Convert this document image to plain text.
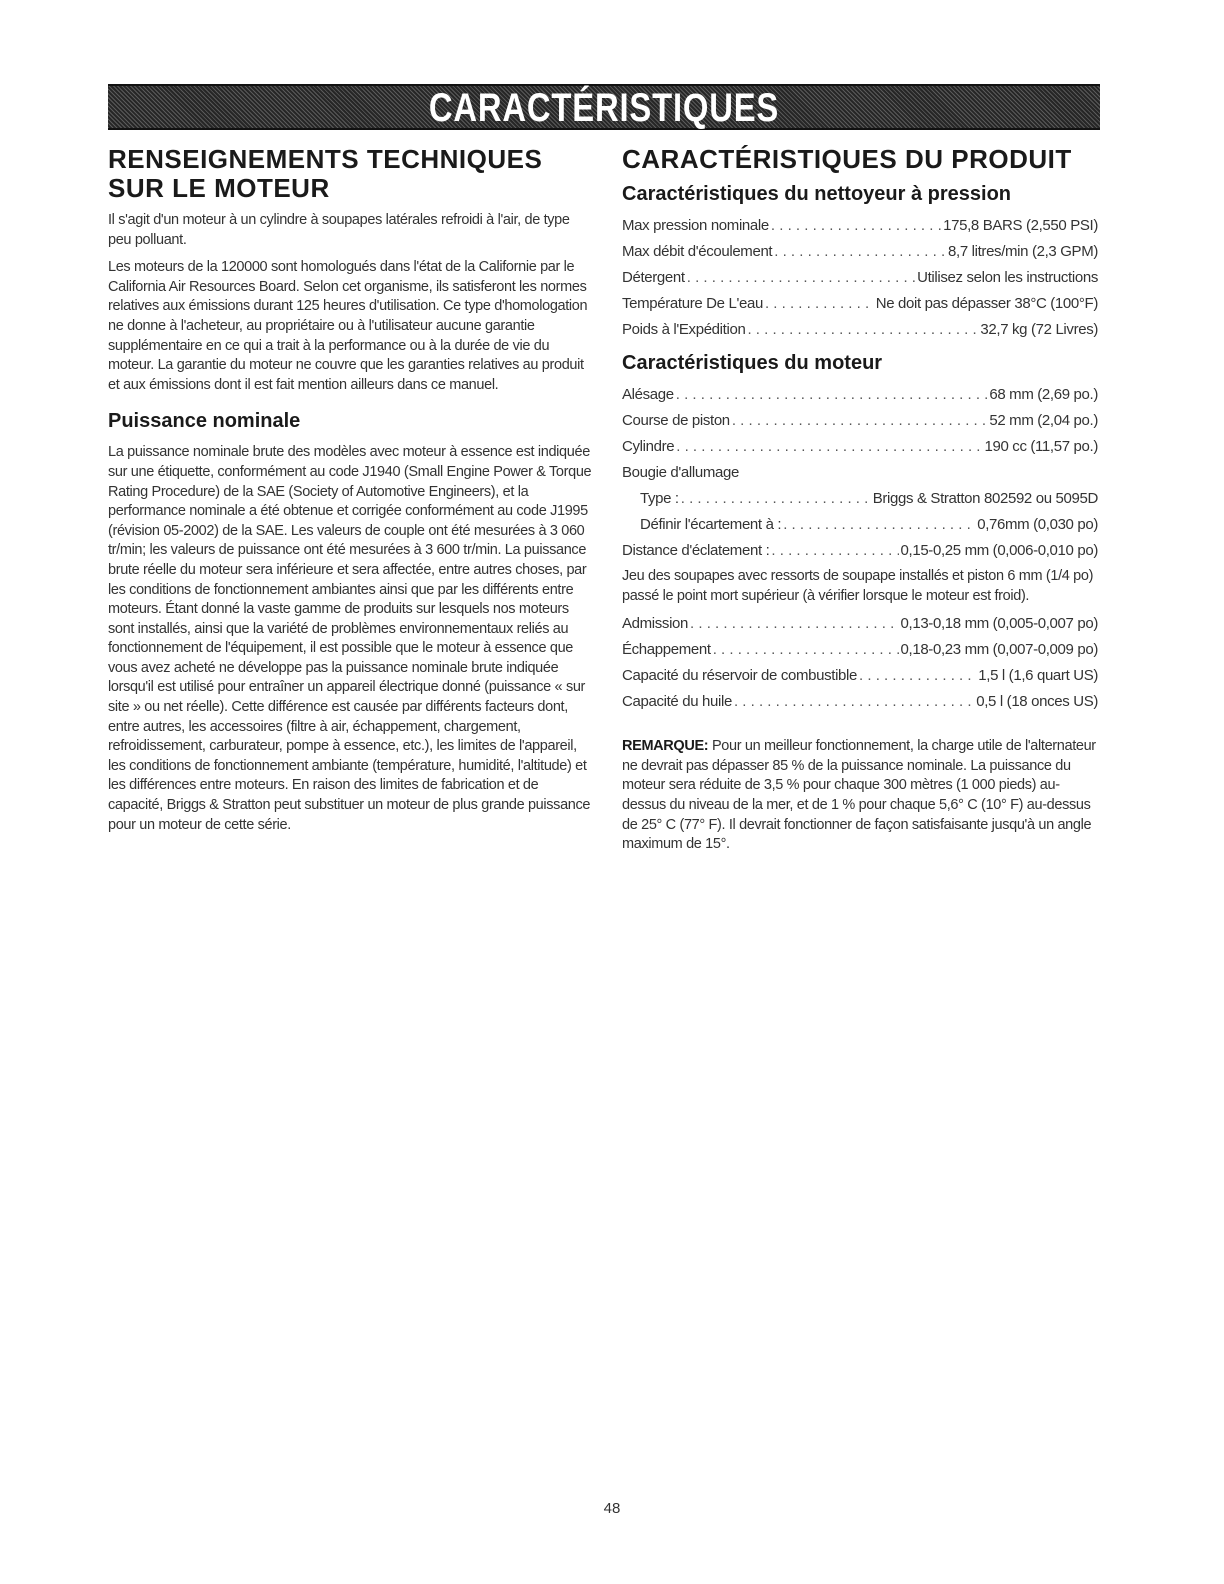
CARACTÉRISTIQUES
RENSEIGNEMENTS TECHNIQUES SUR LE MOTEUR

Il s'agit d'un moteur à un cylindre à soupapes latérales refroidi à l'air, de type peu polluant.

Les moteurs de la 120000 sont homologués dans l'état de la Californie par le California Air Resources Board. Selon cet organisme, ils satisferont les normes relatives aux émissions durant 125 heures d'utilisation. Ce type d'homologation ne donne à l'acheteur, au propriétaire ou à l'utilisateur aucune garantie supplémentaire en ce qui a trait à la performance ou à la durée de vie du moteur. La garantie du moteur ne couvre que les garanties relatives au produit et aux émissions dont il est fait mention ailleurs dans ce manuel.

Puissance nominale

La puissance nominale brute des modèles avec moteur à essence est indiquée sur une étiquette, conformément au code J1940 (Small Engine Power & Torque Rating Procedure) de la SAE (Society of Automotive Engineers), et la performance nominale a été obtenue et corrigée conformément au code J1995 (révision 05-2002) de la SAE. Les valeurs de couple ont été mesurées à 3 060 tr/min; les valeurs de puissance ont été mesurées à 3 600 tr/min. La puissance brute réelle du moteur sera inférieure et sera affectée, entre autres choses, par les conditions de fonctionnement ambiantes ainsi que par les différents entre moteurs. Étant donné la vaste gamme de produits sur lesquels nos moteurs sont installés, ainsi que la variété de problèmes environnementaux reliés au fonctionnement de l'équipement, il est possible que le moteur à essence que vous avez acheté ne développe pas la puissance nominale brute indiquée lorsqu'il est utilisé pour entraîner un appareil électrique donné (puissance « sur site » ou net réelle). Cette différence est causée par différents facteurs dont, entre autres, les accessoires (filtre à air, échappement, chargement, refroidissement, carburateur, pompe à essence, etc.), les limites de l'appareil, les conditions de fonctionnement ambiante (température, humidité, l'altitude) et les différences entre moteurs. En raison des limites de fabrication et de capacité, Briggs & Stratton peut substituer un moteur de plus grande puissance pour un moteur de cette série.

CARACTÉRISTIQUES DU PRODUIT
Caractéristiques du nettoyeur à pression
Max pression nominale . . .	175,8 BARS (2,550 PSI)
Max débit d'écoulement . . .	8,7 litres/min (2,3 GPM)
Détergent . . .	Utilisez selon les instructions
Température De L'eau . . .	Ne doit pas dépasser 38°C (100°F)
Poids à l'Expédition . . .	32,7 kg (72 Livres)
Caractéristiques du moteur
Alésage . . .	68 mm (2,69 po.)
Course de piston . . .	52 mm (2,04 po.)
Cylindre . . .	190 cc (11,57 po.)
Bougie d'allumage
Type : . . .	Briggs & Stratton 802592 ou 5095D
Définir l'écartement à : . . .	0,76mm (0,030 po)
Distance d'éclatement : . . .	0,15-0,25 mm (0,006-0,010 po)

Jeu des soupapes avec ressorts de soupape installés et piston 6 mm (1/4 po) passé le point mort supérieur (à vérifier lorsque le moteur est froid).

Admission . . .	0,13-0,18 mm (0,005-0,007 po)
Échappement . . .	0,18-0,23 mm (0,007-0,009 po)
Capacité du réservoir de combustible . . .	1,5 l (1,6 quart US)
Capacité du huile . . .	0,5 l (18 onces US)

REMARQUE: Pour un meilleur fonctionnement, la charge utile de l'alternateur ne devrait pas dépasser 85 % de la puissance nominale. La puissance du moteur sera réduite de 3,5 % pour chaque 300 mètres (1 000 pieds) au-dessus du niveau de la mer, et de 1 % pour chaque 5,6° C (10° F) au-dessus de 25° C (77° F). Il devrait fonctionner de façon satisfaisante jusqu'à un angle maximum de 15°.

48
